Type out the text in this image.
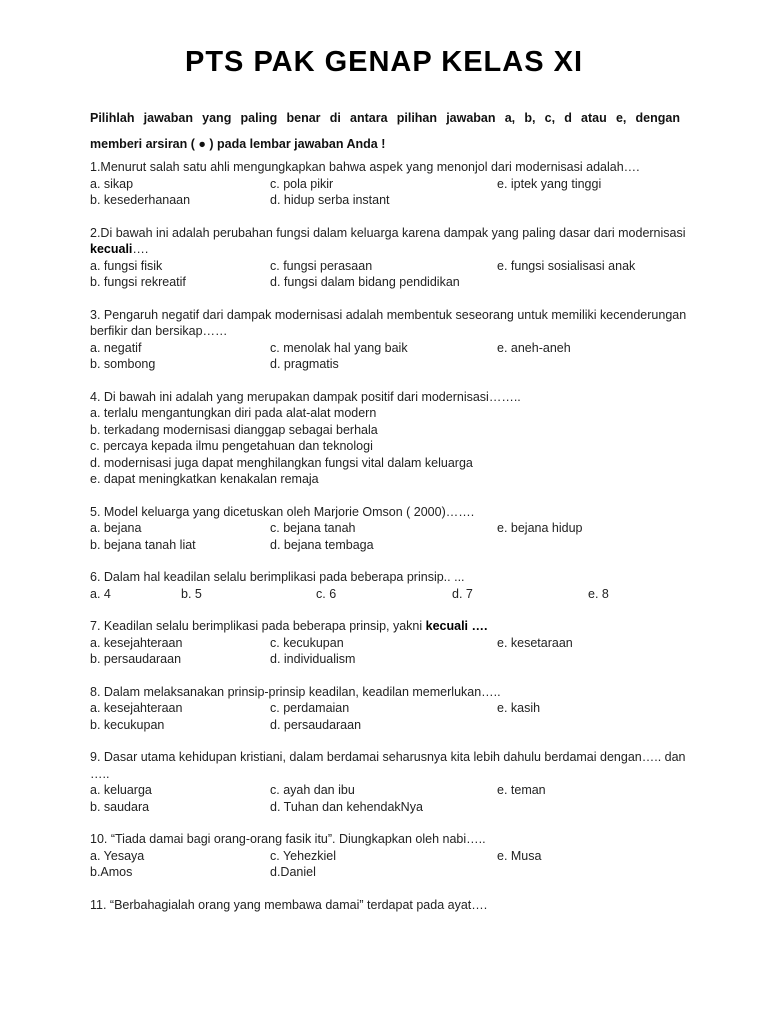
PTS PAK GENAP KELAS XI
Pilihlah jawaban yang paling benar di antara pilihan jawaban a, b, c, d atau e, dengan
memberi arsiran ( ● ) pada lembar jawaban Anda !
1.Menurut salah satu ahli mengungkapkan bahwa aspek yang menonjol dari modernisasi adalah….
a. sikap	c. pola pikir	e. iptek yang tinggi
b. kesederhanaan	d. hidup serba instant
2.Di bawah ini adalah perubahan fungsi dalam keluarga karena dampak yang paling dasar dari modernisasi kecuali….
a. fungsi fisik	c. fungsi perasaan	e. fungsi sosialisasi anak
b. fungsi rekreatif	d. fungsi dalam bidang pendidikan
3. Pengaruh negatif dari dampak modernisasi adalah membentuk seseorang untuk memiliki kecenderungan berfikir dan bersikap……
a. negatif	c. menolak hal yang baik	e. aneh-aneh
b. sombong	d. pragmatis
4. Di bawah ini adalah yang merupakan dampak positif dari modernisasi……..
a. terlalu mengantungkan diri pada alat-alat modern
b. terkadang modernisasi dianggap sebagai berhala
c. percaya kepada ilmu pengetahuan dan teknologi
d. modernisasi juga dapat menghilangkan fungsi vital dalam keluarga
e. dapat meningkatkan kenakalan remaja
5. Model keluarga yang dicetuskan oleh Marjorie Omson ( 2000)…….
a. bejana	c. bejana tanah	e. bejana hidup
b. bejana tanah liat	d. bejana tembaga
6. Dalam hal keadilan selalu berimplikasi pada beberapa prinsip.. ...
a. 4	b. 5	c. 6	d. 7	e. 8
7. Keadilan selalu berimplikasi pada beberapa prinsip, yakni kecuali ….
a. kesejahteraan	c. kecukupan	e. kesetaraan
b. persaudaraan	d. individualism
8. Dalam melaksanakan prinsip-prinsip keadilan, keadilan memerlukan…..
a. kesejahteraan	c. perdamaian	e. kasih
b. kecukupan	d. persaudaraan
9. Dasar utama kehidupan kristiani, dalam berdamai seharusnya kita lebih dahulu berdamai dengan….. dan …..
a. keluarga	c. ayah dan ibu	e. teman
b. saudara	d. Tuhan dan kehendakNya
10. “Tiada damai bagi orang-orang fasik itu”. Diungkapkan oleh nabi…..
a. Yesaya	c. Yehezkiel	e. Musa
b.Amos	d.Daniel
11. “Berbahagialah orang yang membawa damai” terdapat pada ayat….
